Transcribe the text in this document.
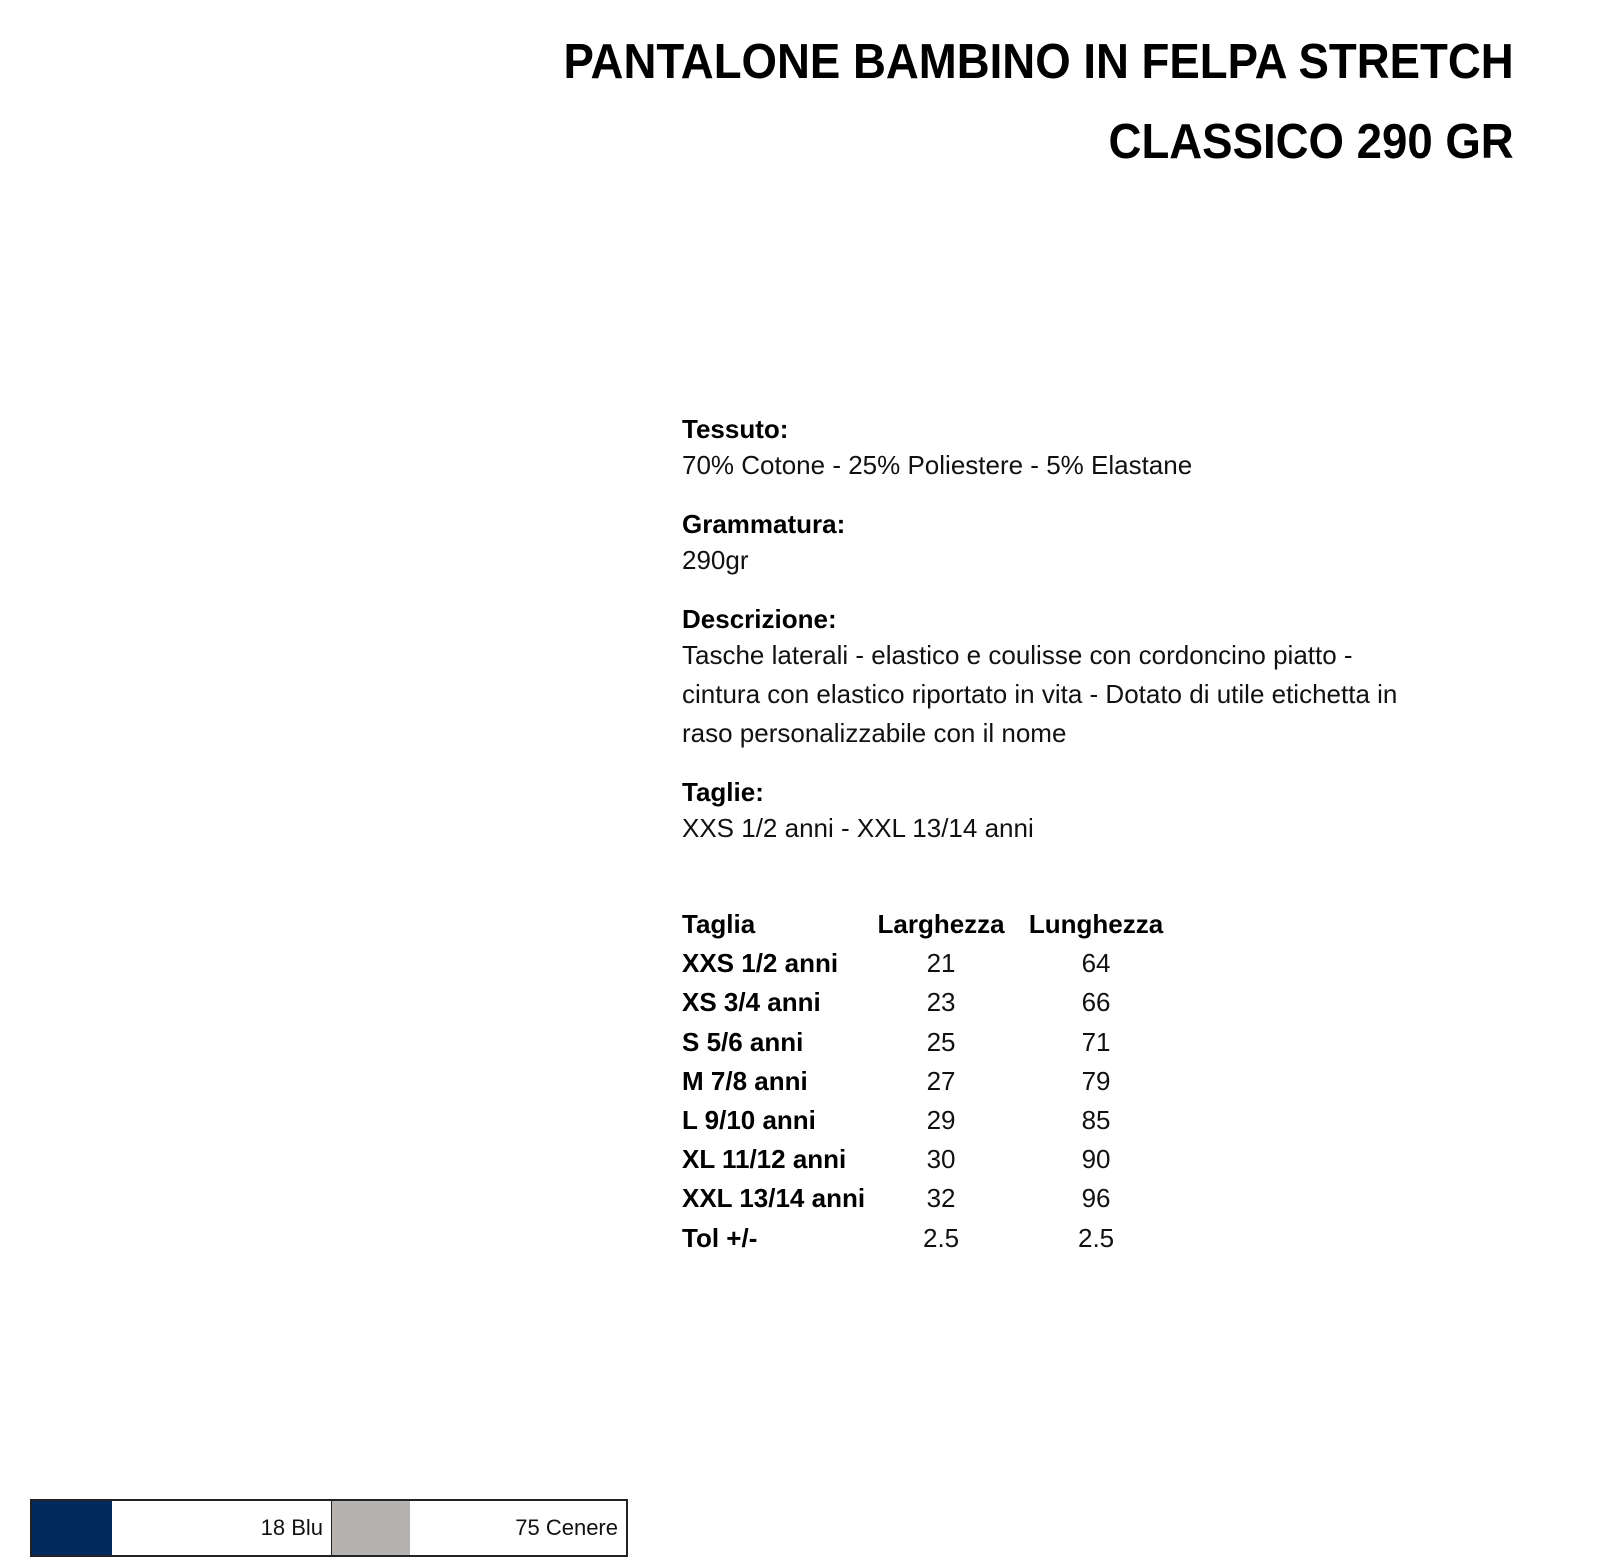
PANTALONE BAMBINO IN FELPA STRETCH
CLASSICO 290 GR
Tessuto:
70% Cotone - 25% Poliestere - 5% Elastane
Grammatura:
290gr
Descrizione:
Tasche laterali - elastico e coulisse con cordoncino piatto -
cintura con elastico riportato in vita - Dotato di utile etichetta in
raso personalizzabile con il nome
Taglie:
XXS 1/2 anni - XXL 13/14 anni
Taglia	Larghezza	Lunghezza
XXS 1/2 anni	21	64
XS 3/4 anni	23	66
S 5/6 anni	25	71
M 7/8 anni	27	79
L 9/10 anni	29	85
XL 11/12 anni	30	90
XXL 13/14 anni	32	96
Tol +/-	2.5	2.5
18 Blu	75 Cenere
